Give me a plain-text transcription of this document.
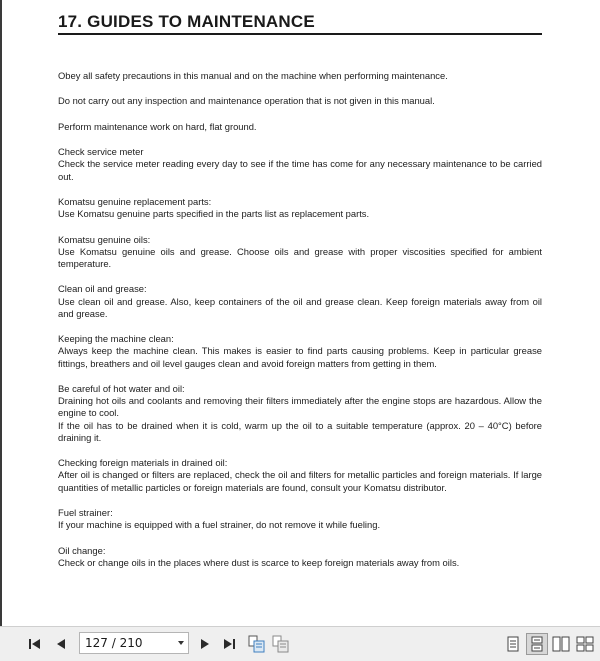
17. GUIDES TO MAINTENANCE

Obey all safety precautions in this manual and on the machine when performing maintenance.

Do not carry out any inspection and maintenance operation that is not given in this manual.

Perform maintenance work on hard, flat ground.

Check service meter
Check the service meter reading every day to see if the time has come for any necessary maintenance to be carried out.
Komatsu genuine replacement parts:
Use Komatsu genuine parts specified in the parts list as replacement parts.
Komatsu genuine oils:
Use Komatsu genuine oils and grease. Choose oils and grease with proper viscosities specified for ambient temperature.
Clean oil and grease:
Use clean oil and grease. Also, keep containers of the oil and grease clean. Keep foreign materials away from oil and grease.
Keeping the machine clean:
Always keep the machine clean. This makes is easier to find parts causing problems. Keep in particular grease fittings, breathers and oil level gauges clean and avoid foreign matters from getting in them.
Be careful of hot water and oil:
Draining hot oils and coolants and removing their filters immediately after the engine stops are hazardous. Allow the engine to cool.
If the oil has to be drained when it is cold, warm up the oil to a suitable temperature (approx. 20 – 40°C) before draining it.
Checking foreign materials in drained oil:
After oil is changed or filters are replaced, check the oil and filters for metallic particles and foreign materials. If large quantities of metallic particles or foreign materials are found, consult your Komatsu distributor.
Fuel strainer:
If your machine is equipped with a fuel strainer, do not remove it while fueling.
Oil change:
Check or change oils in the places where dust is scarce to keep foreign materials away from oils.
127 / 210
